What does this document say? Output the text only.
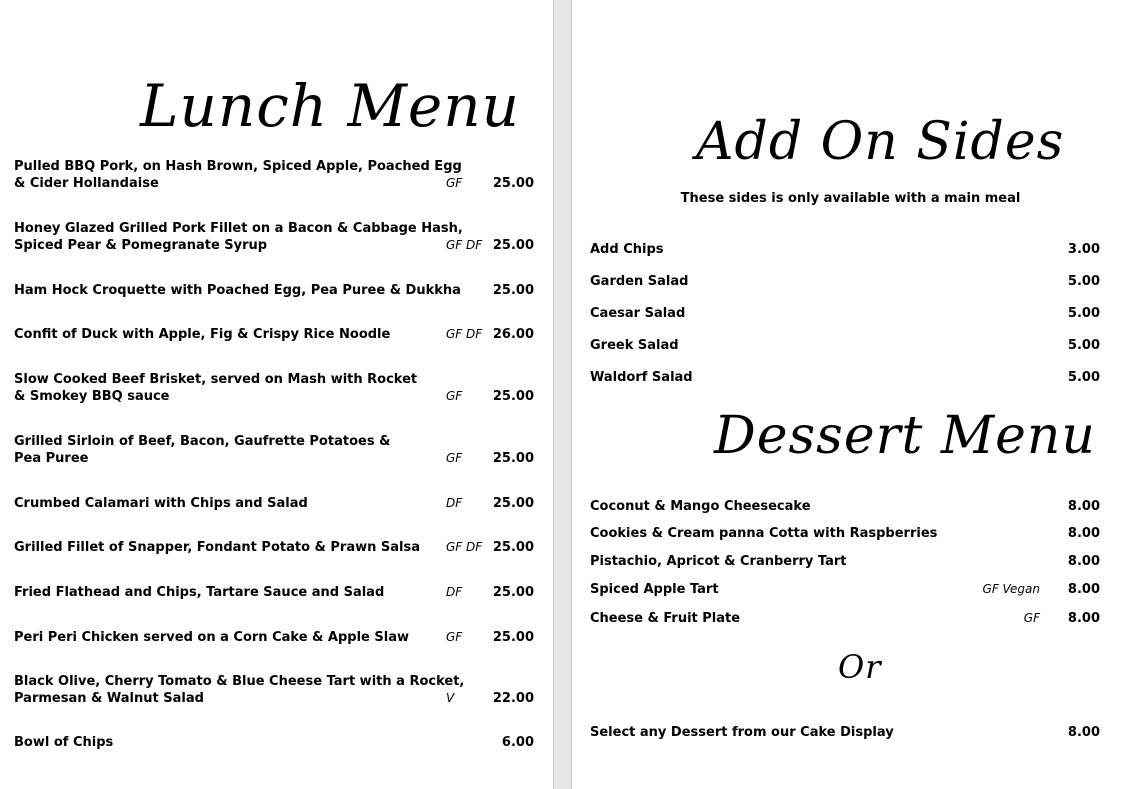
Lunch Menu
Pulled BBQ Pork, on Hash Brown, Spiced Apple, Poached Egg
& Cider Hollandaise	GF 25.00
Honey Glazed Grilled Pork Fillet on a Bacon & Cabbage Hash,
Spiced Pear & Pomegranate Syrup	GF DF 25.00
Ham Hock Croquette with Poached Egg, Pea Puree & Dukkha	25.00
Confit of Duck with Apple, Fig & Crispy Rice Noodle	GF DF 26.00
Slow Cooked Beef Brisket, served on Mash with Rocket
& Smokey BBQ sauce	GF 25.00
Grilled Sirloin of Beef, Bacon, Gaufrette Potatoes &
Pea Puree	GF 25.00
Crumbed Calamari with Chips and Salad	DF 25.00
Grilled Fillet of Snapper, Fondant Potato & Prawn Salsa	GF DF 25.00
Fried Flathead and Chips, Tartare Sauce and Salad	DF 25.00
Peri Peri Chicken served on a Corn Cake & Apple Slaw	GF 25.00
Black Olive, Cherry Tomato & Blue Cheese Tart with a Rocket,
Parmesan & Walnut Salad	V	22.00
Bowl of Chips	6.00
Add On Sides
These sides is only available with a main meal
Add Chips	3.00
Garden Salad	5.00
Caesar Salad	5.00
Greek Salad	5.00
Waldorf Salad	5.00
Dessert Menu
Coconut & Mango Cheesecake	8.00
Cookies & Cream panna Cotta with Raspberries	8.00
Pistachio, Apricot & Cranberry Tart	8.00
Spiced Apple Tart	GF Vegan 8.00
Cheese & Fruit Plate	GF 8.00
Or
Select any Dessert from our Cake Display	8.00
